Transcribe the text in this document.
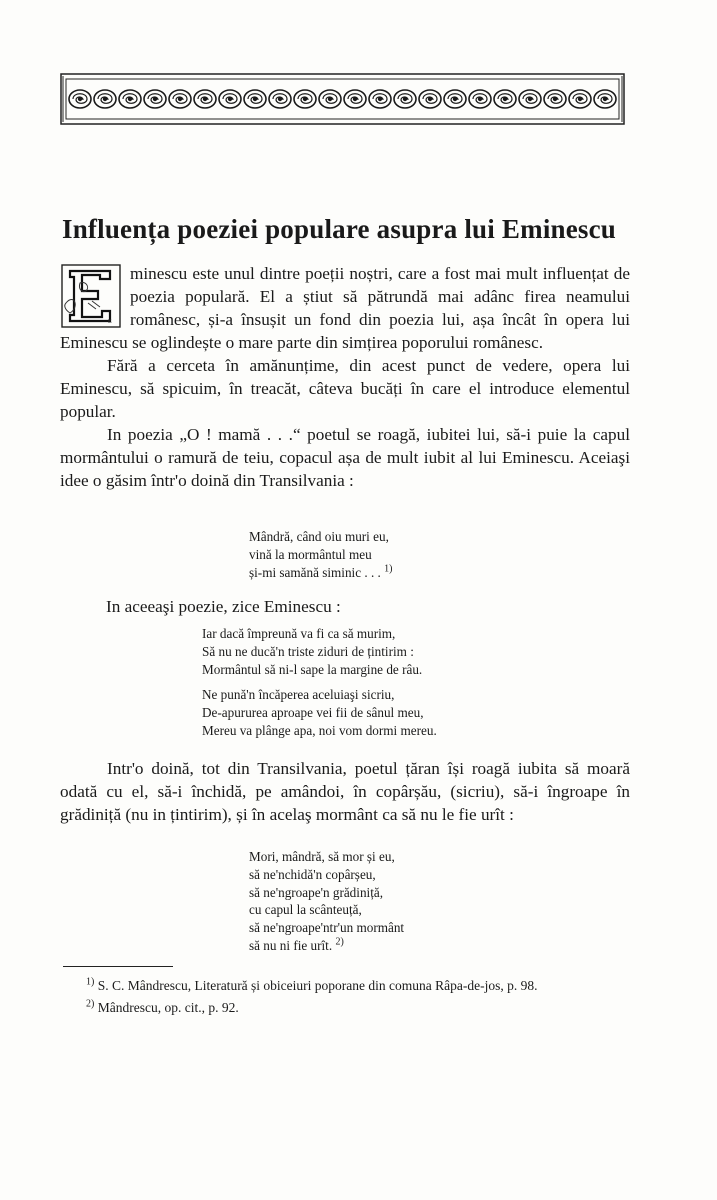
Influența poeziei populare asupra lui Eminescu
E

minescu este unul dintre poeții noștri, care a fost mai mult influențat de poezia populară. El a știut să pătrundă mai adânc firea neamului românesc, și-a însușit un fond din poezia lui, așa încât în opera lui Eminescu se oglindește o mare parte din simțirea poporului românesc.

Fără a cerceta în amănunțime, din acest punct de vedere, opera lui Eminescu, să spicuim, în treacăt, câteva bucăți în care el introduce elementul popular.

In poezia „O ! mamă . . .“ poetul se roagă, iubitei lui, să-i puie la capul mormântului o ramură de teiu, copacul așa de mult iubit al lui Eminescu. Aceiaşi idee o găsim într'o doină din Transilvania :

Mândră, când oiu muri eu,

vină la mormântul meu

și-mi samănă siminic . . . $^{1)}$

In aceeaşi poezie, zice Eminescu :

Iar dacă împreună va fi ca să murim,

Să nu ne ducă'n triste ziduri de țintirim :

Mormântul să ni-l sape la margine de râu.

Ne pună'n încăperea aceluiaşi sicriu,

De-apururea aproape vei fii de sânul meu,

Mereu va plânge apa, noi vom dormi mereu.

Intr'o doină, tot din Transilvania, poetul țăran își roagă iubita să moară odată cu el, să-i închidă, pe amândoi, în copârșău, (sicriu), să-i îngroape în grădiniță (nu in țintirim), și în acelaş mormânt ca să nu le fie urît :

Mori, mândră, să mor și eu,

să ne'nchidă'n copârșeu,

să ne'ngroape'n grădiniță,

cu capul la scânteuță,

să ne'ngroape'ntr'un mormânt

să nu ni fie urît. $^{2)}$

$^{1)}$ S. C. Mândrescu, Literatură și obiceiuri poporane din comuna Râpa-de-jos, p. 98.

$^{2)}$ Mândrescu, op. cit., p. 92.
